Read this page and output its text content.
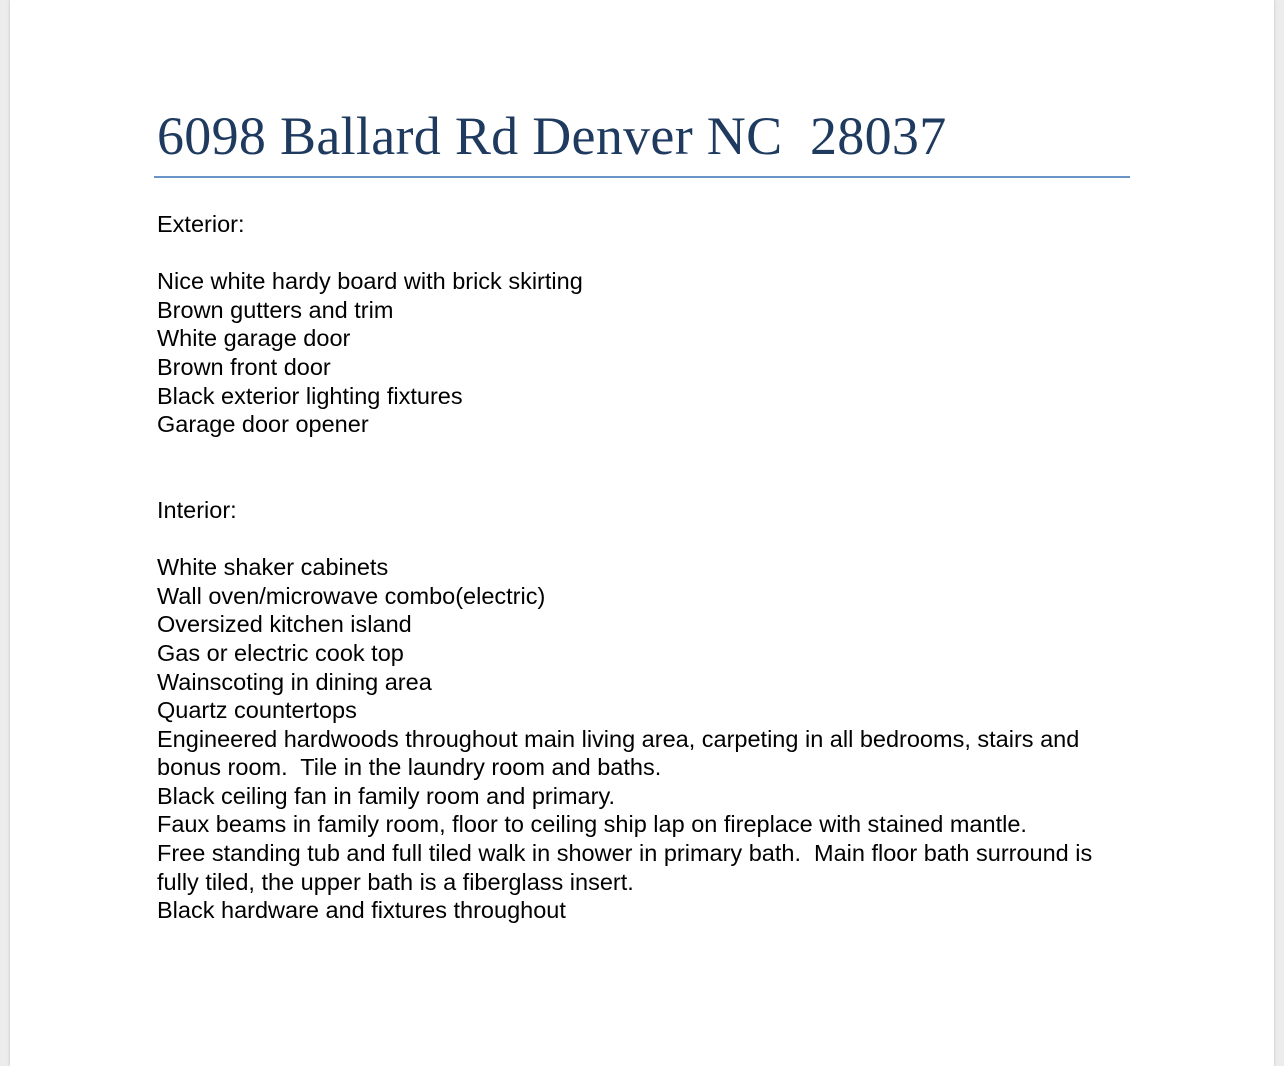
6098 Ballard Rd Denver NC  28037

Exterior:

Nice white hardy board with brick skirting

Brown gutters and trim

White garage door

Brown front door

Black exterior lighting fixtures

Garage door opener

Interior:

White shaker cabinets

Wall oven/microwave combo(electric)

Oversized kitchen island

Gas or electric cook top

Wainscoting in dining area

Quartz countertops

Engineered hardwoods throughout main living area, carpeting in all bedrooms, stairs and bonus room.  Tile in the laundry room and baths.

Black ceiling fan in family room and primary.

Faux beams in family room, floor to ceiling ship lap on fireplace with stained mantle.

Free standing tub and full tiled walk in shower in primary bath.  Main floor bath surround is fully tiled, the upper bath is a fiberglass insert.

Black hardware and fixtures throughout
